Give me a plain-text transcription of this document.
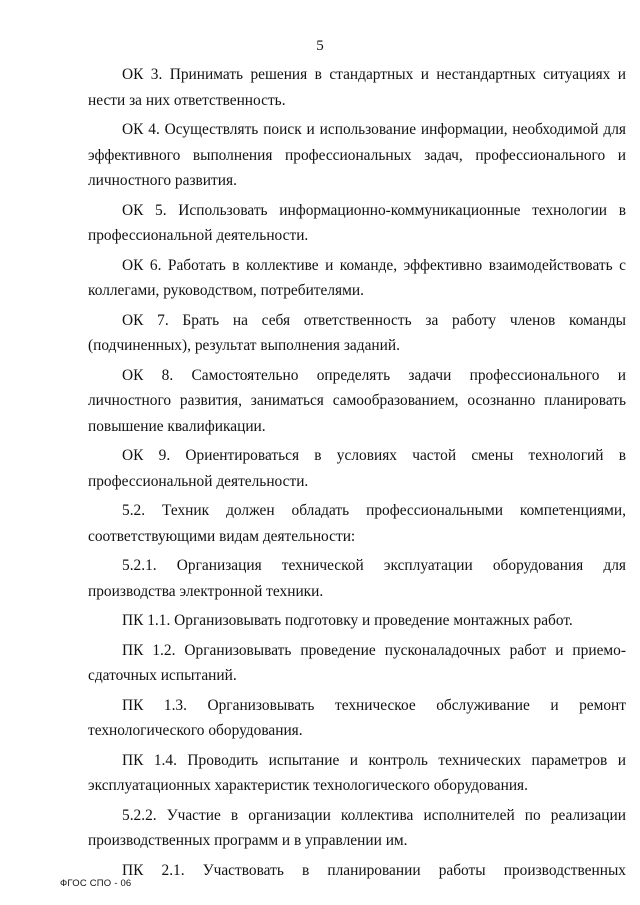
5

ОК 3. Принимать решения в стандартных и нестандартных ситуациях и нести за них ответственность.

ОК 4. Осуществлять поиск и использование информации, необходимой для эффективного выполнения профессиональных задач, профессионального и личностного развития.

ОК 5. Использовать информационно-коммуникационные технологии в профессиональной деятельности.

ОК 6. Работать в коллективе и команде, эффективно взаимодействовать с коллегами, руководством, потребителями.

ОК 7. Брать на себя ответственность за работу членов команды (подчиненных), результат выполнения заданий.

ОК 8. Самостоятельно определять задачи профессионального и личностного развития, заниматься самообразованием, осознанно планировать повышение квалификации.

ОК 9. Ориентироваться в условиях частой смены технологий в профессиональной деятельности.

5.2. Техник должен обладать профессиональными компетенциями, соответствующими видам деятельности:

5.2.1. Организация технической эксплуатации оборудования для производства электронной техники.

ПК 1.1. Организовывать подготовку и проведение монтажных работ.

ПК 1.2. Организовывать проведение пусконаладочных работ и приемо-сдаточных испытаний.

ПК 1.3. Организовывать техническое обслуживание и ремонт технологического оборудования.

ПК 1.4. Проводить испытание и контроль технических параметров и эксплуатационных характеристик технологического оборудования.

5.2.2. Участие в организации коллектива исполнителей по реализации производственных программ и в управлении им.

ПК 2.1. Участвовать в планировании работы производственных

ФГОС СПО - 06
